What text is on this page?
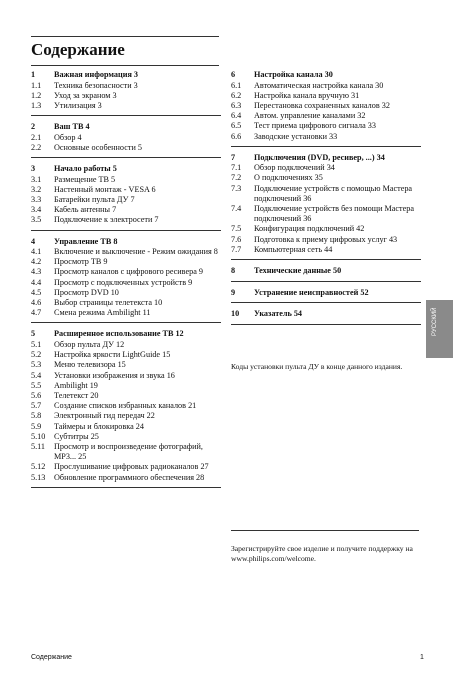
Содержание
1	Важная информация 3
1.1	Техника безопасности 3
1.2	Уход за экраном 3
1.3	Утилизация 3
2	Ваш ТВ 4
2.1	Обзор 4
2.2	Основные особенности 5
3	Начало работы 5
3.1	Размещение ТВ 5
3.2	Настенный монтаж - VESA 6
3.3	Батарейки пульта ДУ 7
3.4	Кабель антенны 7
3.5	Подключение к электросети 7
4	Управление ТВ 8
4.1	Включение и выключение - Режим ожидания 8
4.2	Просмотр ТВ 9
4.3	Просмотр каналов с цифрового ресивера 9
4.4	Просмотр с подключенных устройств 9
4.5	Просмотр DVD 10
4.6	Выбор страницы телетекста 10
4.7	Смена режима Ambilight 11
5	Расширенное использование ТВ 12
5.1	Обзор пульта ДУ 12
5.2	Настройка яркости LightGuide 15
5.3	Меню телевизора 15
5.4	Установки изображения и звука 16
5.5	Ambilight 19
5.6	Телетекст 20
5.7	Создание списков избранных каналов 21
5.8	Электронный гид передач 22
5.9	Таймеры и блокировка 24
5.10	Субтитры 25
5.11	Просмотр и воспроизведение фотографий, MP3... 25
5.12	Прослушивание цифровых радиоканалов 27
5.13	Обновление программного обеспечения 28
6	Настройка канала 30
6.1	Автоматическая настройка канала 30
6.2	Настройка канала вручную 31
6.3	Перестановка сохраненных каналов 32
6.4	Автом. управление каналами 32
6.5	Тест приема цифрового сигнала 33
6.6	Заводские установки 33
7	Подключения (DVD, ресивер, ...) 34
7.1	Обзор подключений 34
7.2	О подключениях 35
7.3	Подключение устройств с помощью Мастера подключений 36
7.4	Подключение устройств без помощи Мастера подключений 36
7.5	Конфигурация подключений 42
7.6	Подготовка к приему цифровых услуг 43
7.7	Компьютерная сеть 44
8	Технические данные 50
9	Устранение неисправностей 52
10	Указатель 54
Коды установки пульта ДУ в конце данного издания.
Зарегистрируйте свое изделие и получите поддержку на www.philips.com/welcome.
Содержание	1
РУССКИЙ
